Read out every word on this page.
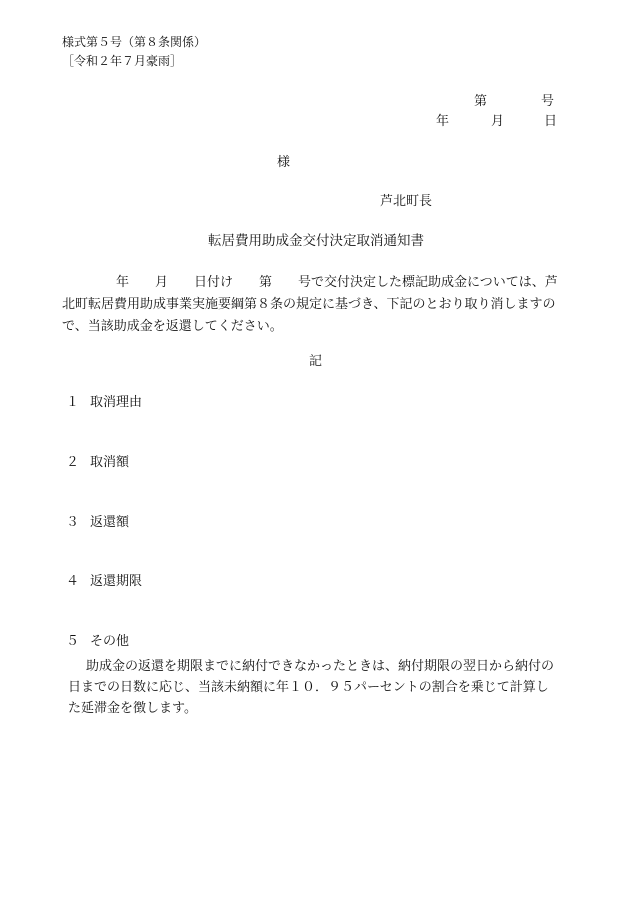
様式第５号（第８条関係）
［令和２年７月豪雨］
第	号
年	月	日
様
芦北町長
転居費用助成金交付決定取消通知書
年　　月　　日付け　　第　　号で交付決定した標記助成金については、芦
北町転居費用助成事業実施要綱第８条の規定に基づき、下記のとおり取り消しますの
で、当該助成金を返還してください。
記
１ 取消理由
２ 取消額
３ 返還額
４ 返還期限
５ その他
助成金の返還を期限までに納付できなかったときは、納付期限の翌日から納付の
日までの日数に応じ、当該未納額に年１０．９５パーセントの割合を乗じて計算し
た延滞金を徴します。
